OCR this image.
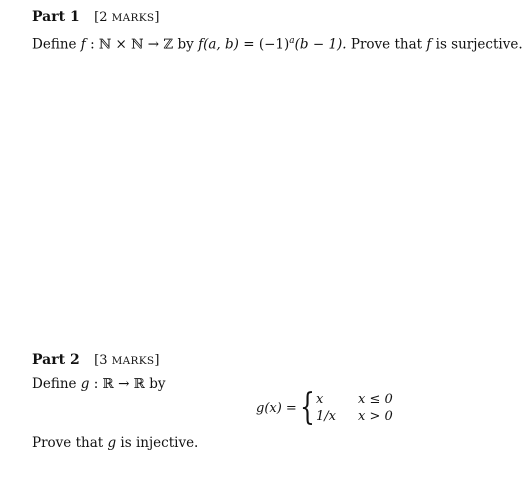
Part 1 [2 MARKS]
Define f : ℕ × ℕ → ℤ by f(a, $b) = (-1)^a(b - 1)$. Prove that f is surjective.
Part 2 [3 MARKS]
Define g : ℝ → ℝ by
g(x) = { x	x ≤ 0
1/x x > 0
Prove that g is injective.
